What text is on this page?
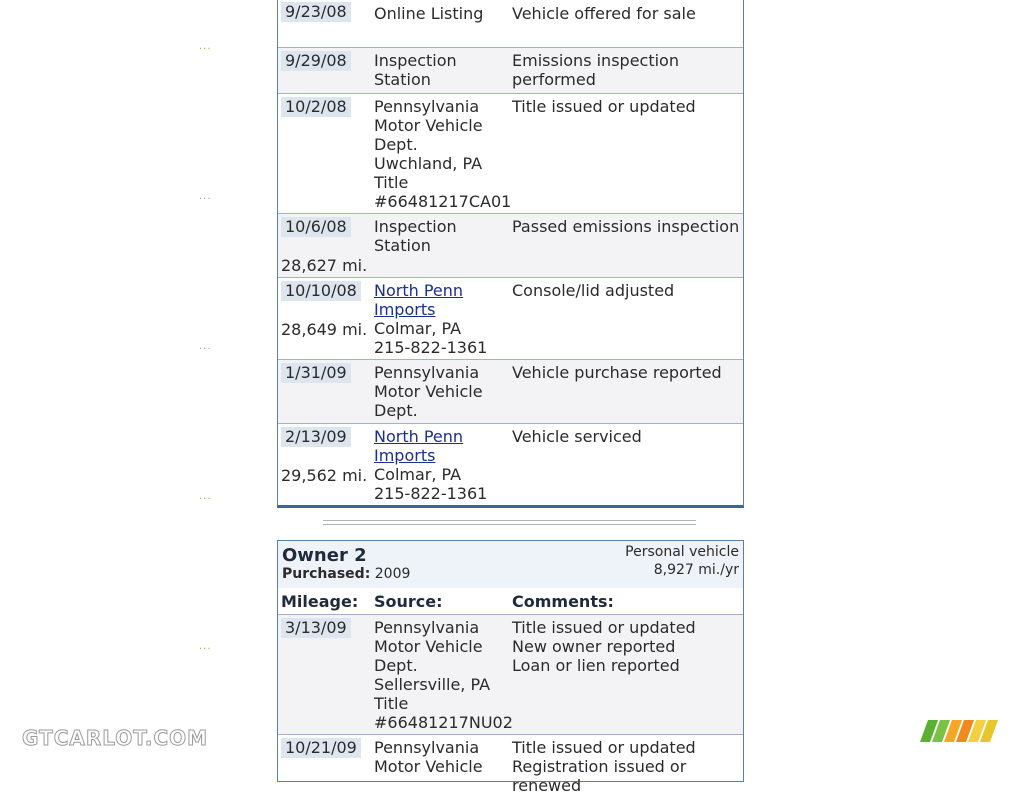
···
···
···
···
···
9/23/08 Online Listing	Vehicle offered for sale
9/29/08 Inspection Station
Emissions inspection
performed
10/2/08 Pennsylvania
Motor Vehicle
Dept.
Uwchland, PA
Title
#66481217CA01
Title issued or updated
10/6/08
28,627 mi.
Inspection Station
Passed emissions inspection
10/10/08
28,649 mi.
North Penn
Imports
Colmar, PA
215-822-1361
Console/lid adjusted
1/31/09 Pennsylvania
Motor Vehicle
Dept.
Vehicle purchase reported
2/13/09
29,562 mi.
North Penn
Imports
Colmar, PA
215-822-1361
Vehicle serviced
Owner 2
Purchased: 2009
Personal vehicle
8,927 mi./yr
Mileage: Source:	Comments:
3/13/09 Pennsylvania
Motor Vehicle
Dept.
Sellersville, PA
Title
#66481217NU02
Title issued or updated
New owner reported
Loan or lien reported
10/21/09 Pennsylvania
Motor Vehicle
Title issued or updated
Registration issued or renewed
GTCARLOT.COM
